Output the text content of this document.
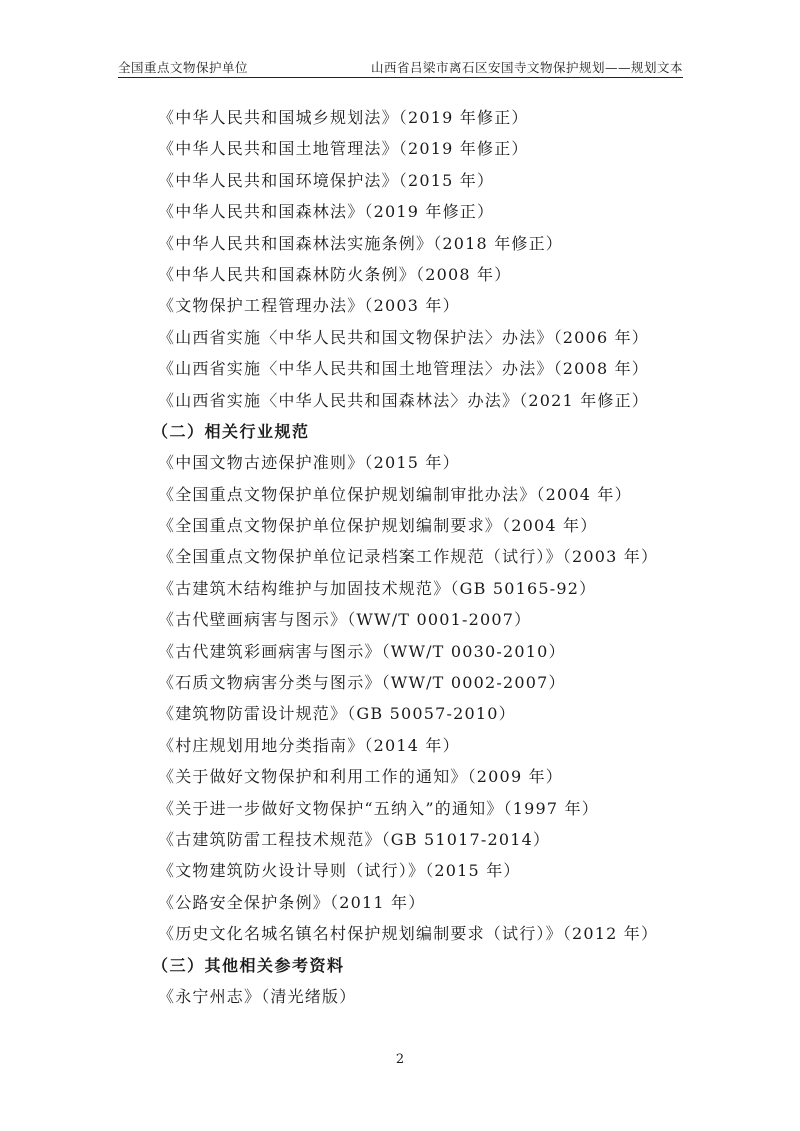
全国重点文物保护单位	山西省吕梁市离石区安国寺文物保护规划——规划文本
《中华人民共和国城乡规划法》（2019 年修正）
《中华人民共和国土地管理法》（2019 年修正）
《中华人民共和国环境保护法》（2015 年）
《中华人民共和国森林法》（2019 年修正）
《中华人民共和国森林法实施条例》（2018 年修正）
《中华人民共和国森林防火条例》（2008 年）
《文物保护工程管理办法》（2003 年）
《山西省实施〈中华人民共和国文物保护法〉办法》（2006 年）
《山西省实施〈中华人民共和国土地管理法〉办法》（2008 年）
《山西省实施〈中华人民共和国森林法〉办法》（2021 年修正）
（二）相关行业规范
《中国文物古迹保护准则》（2015 年）
《全国重点文物保护单位保护规划编制审批办法》（2004 年）
《全国重点文物保护单位保护规划编制要求》（2004 年）
《全国重点文物保护单位记录档案工作规范（试行）》（2003 年）
《古建筑木结构维护与加固技术规范》（GB 50165-92）
《古代壁画病害与图示》（WW/T 0001-2007）
《古代建筑彩画病害与图示》（WW/T 0030-2010）
《石质文物病害分类与图示》（WW/T 0002-2007）
《建筑物防雷设计规范》（GB 50057-2010）
《村庄规划用地分类指南》（2014 年）
《关于做好文物保护和利用工作的通知》（2009 年）
《关于进一步做好文物保护“五纳入”的通知》（1997 年）
《古建筑防雷工程技术规范》（GB 51017-2014）
《文物建筑防火设计导则（试行）》（2015 年）
《公路安全保护条例》（2011 年）
《历史文化名城名镇名村保护规划编制要求（试行）》（2012 年）
（三）其他相关参考资料
《永宁州志》（清光绪版）
2
